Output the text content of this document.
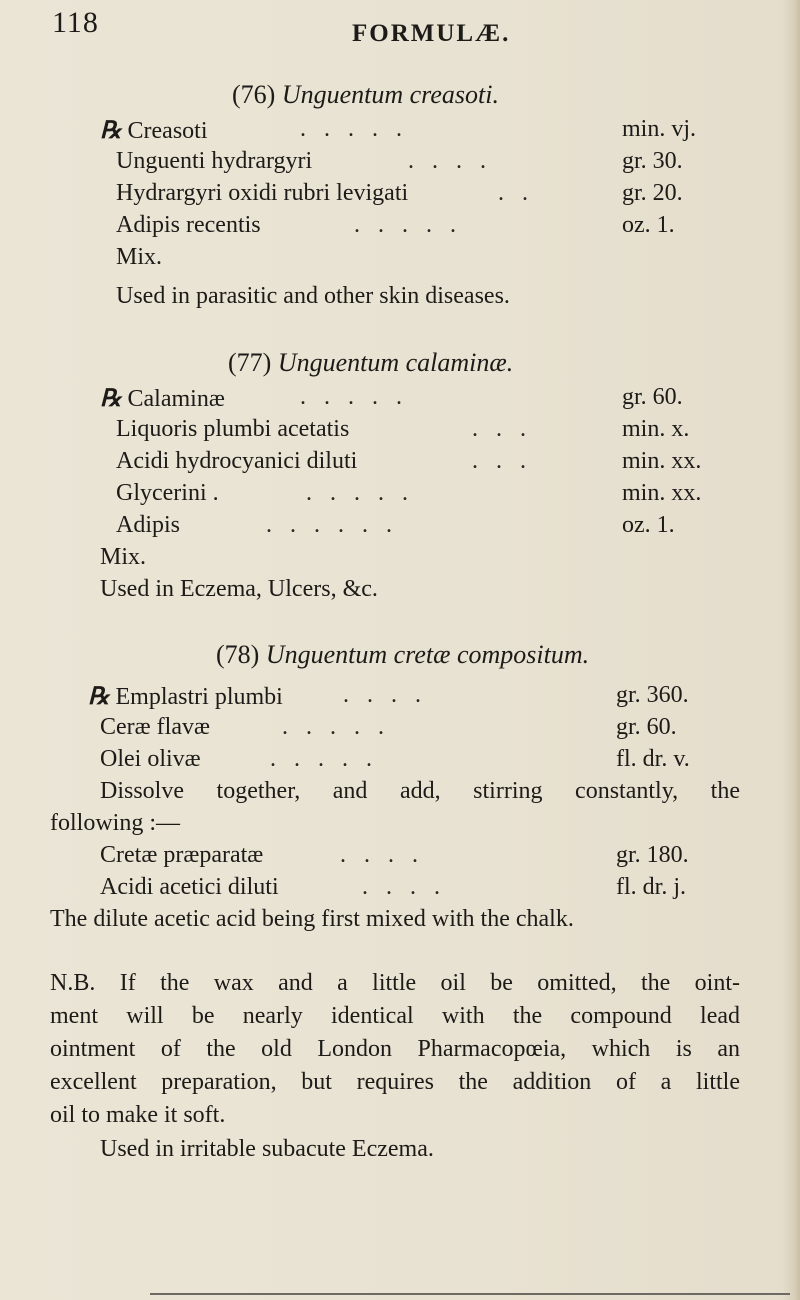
118	FORMULÆ.
(76) Unguentum creasoti.
℞ Creasoti	. . . . .	min. vj.
Unguenti hydrargyri	. . . .	gr. 30.
Hydrargyri oxidi rubri levigati	. .	gr. 20.
Adipis recentis	. . . . .	oz. 1.
Mix.
Used in parasitic and other skin diseases.
(77) Unguentum calaminæ.
℞ Calaminæ	. . . . .	gr. 60.
Liquoris plumbi acetatis	. . .	min. x.
Acidi hydrocyanici diluti	. . .	min. xx.
Glycerini .	. . . . .	min. xx.
Adipis	. . . . . .	oz. 1.
Mix.
Used in Eczema, Ulcers, &c.
(78) Unguentum cretæ compositum.
℞ Emplastri plumbi	. . . .	gr. 360.
Ceræ flavæ	. . . . .	gr. 60.
Olei olivæ	. . . . .	fl. dr. v.
Dissolve together, and add, stirring constantly, the
following :—
Cretæ præparatæ	. . . .	gr. 180.
Acidi acetici diluti	. . . .	fl. dr. j.
The dilute acetic acid being first mixed with the chalk.
N.B. If the wax and a little oil be omitted, the oint-
ment will be nearly identical with the compound lead
ointment of the old London Pharmacopœia, which is an
excellent preparation, but requires the addition of a little
oil to make it soft.
Used in irritable subacute Eczema.
